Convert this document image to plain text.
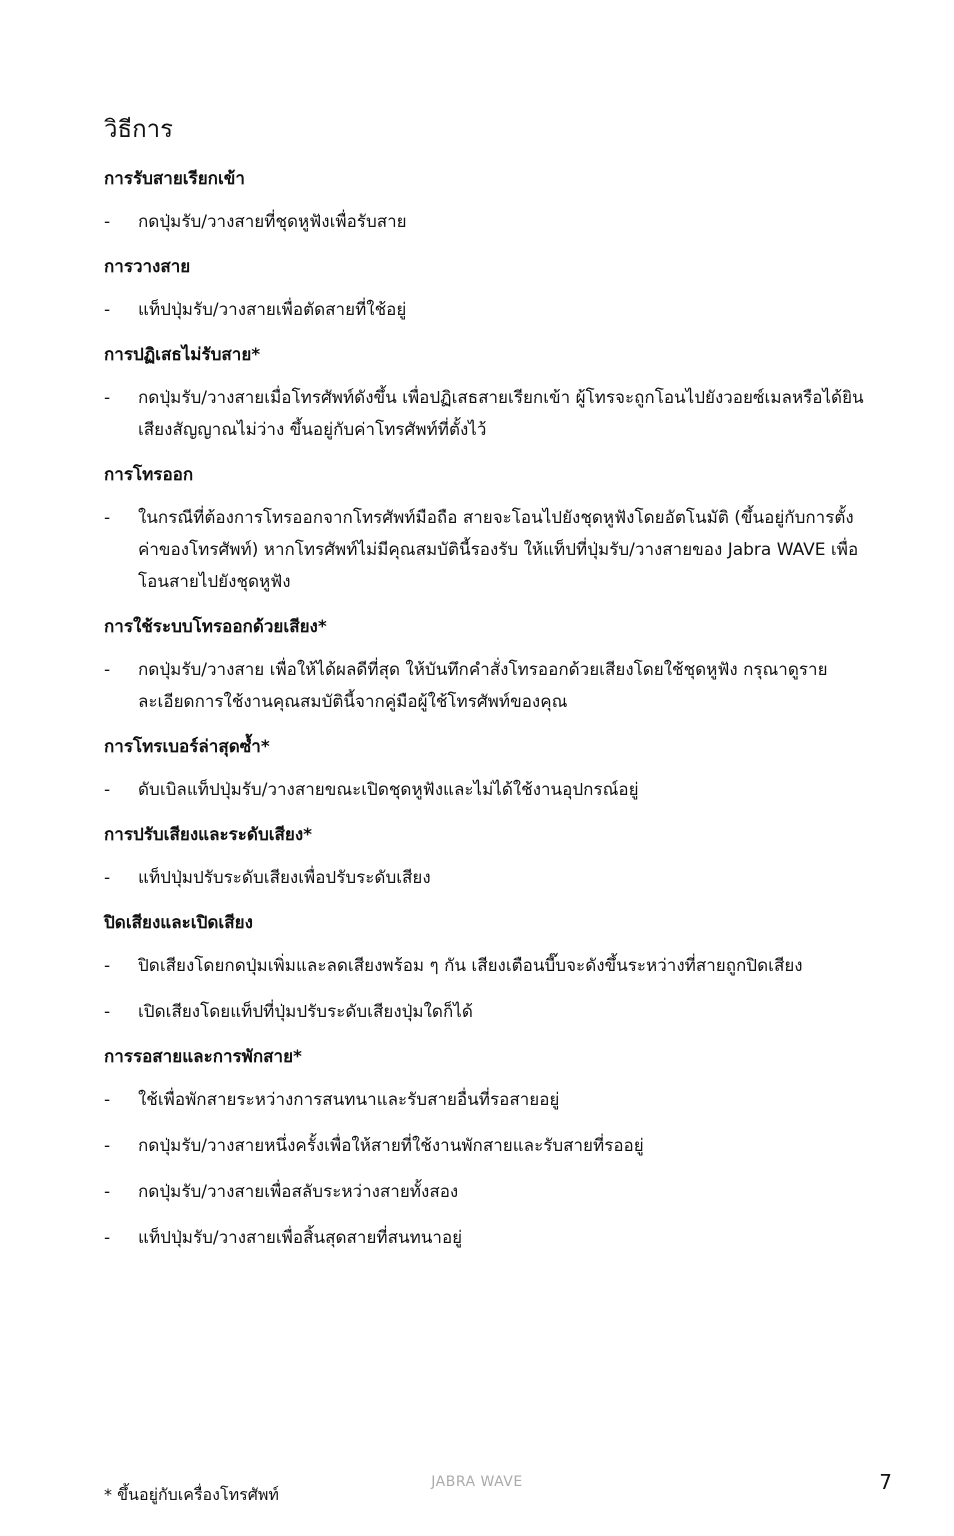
วิธีการ
การรับสายเรียกเข้า
- กดปุ่มรับ/วางสายที่ชุดหูฟังเพื่อรับสาย
การวางสาย
- แท็ปปุ่มรับ/วางสายเพื่อตัดสายที่ใช้อยู่
การปฏิเสธไม่รับสาย*
- กดปุ่มรับ/วางสายเมื่อโทรศัพท์ดังขึ้น เพื่อปฏิเสธสายเรียกเข้า ผู้โทรจะถูกโอนไปยังวอยซ์เมลหรือได้ยินเสียงสัญญาณไม่ว่าง ขึ้นอยู่กับค่าโทรศัพท์ที่ตั้งไว้
การโทรออก
- ในกรณีที่ต้องการโทรออกจากโทรศัพท์มือถือ สายจะโอนไปยังชุดหูฟังโดยอัตโนมัติ (ขึ้นอยู่กับการตั้งค่าของโทรศัพท์) หากโทรศัพท์ไม่มีคุณสมบัตินี้รองรับ ให้แท็ปที่ปุ่มรับ/วางสายของ Jabra WAVE เพื่อโอนสายไปยังชุดหูฟัง
การใช้ระบบโทรออกด้วยเสียง*
- กดปุ่มรับ/วางสาย เพื่อให้ได้ผลดีที่สุด ให้บันทึกคำสั่งโทรออกด้วยเสียงโดยใช้ชุดหูฟัง กรุณาดูรายละเอียดการใช้งานคุณสมบัตินี้จากคู่มือผู้ใช้โทรศัพท์ของคุณ
การโทรเบอร์ล่าสุดซ้ำ*
- ดับเบิลแท็ปปุ่มรับ/วางสายขณะเปิดชุดหูฟังและไม่ได้ใช้งานอุปกรณ์อยู่
การปรับเสียงและระดับเสียง*
- แท็ปปุ่มปรับระดับเสียงเพื่อปรับระดับเสียง
ปิดเสียงและเปิดเสียง
- ปิดเสียงโดยกดปุ่มเพิ่มและลดเสียงพร้อม ๆ กัน เสียงเตือนบี๊บจะดังขึ้นระหว่างที่สายถูกปิดเสียง
- เปิดเสียงโดยแท็ปที่ปุ่มปรับระดับเสียงปุ่มใดก็ได้
การรอสายและการพักสาย*
- ใช้เพื่อพักสายระหว่างการสนทนาและรับสายอื่นที่รอสายอยู่
- กดปุ่มรับ/วางสายหนึ่งครั้งเพื่อให้สายที่ใช้งานพักสายและรับสายที่รออยู่
- กดปุ่มรับ/วางสายเพื่อสลับระหว่างสายทั้งสอง
- แท็ปปุ่มรับ/วางสายเพื่อสิ้นสุดสายที่สนทนาอยู่
* ขึ้นอยู่กับเครื่องโทรศัพท์
JABRA WAVE	7
